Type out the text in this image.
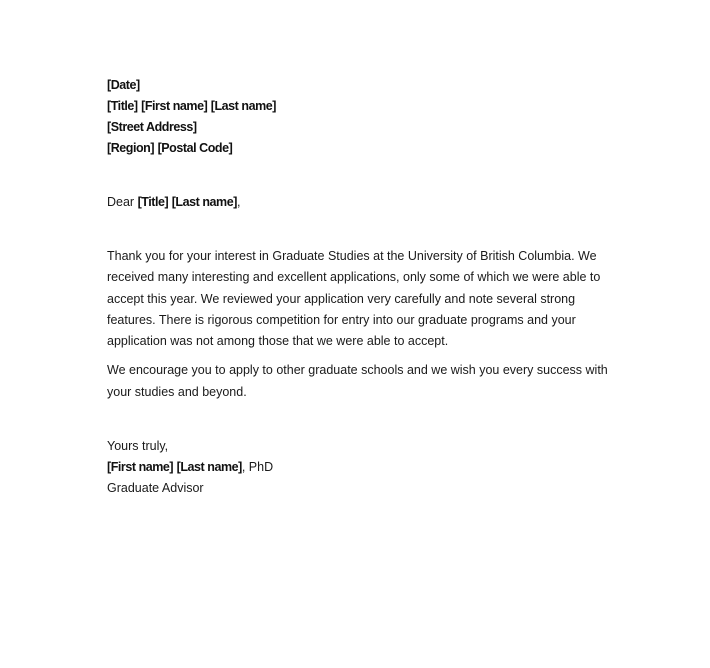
[Date]
[Title] [First name] [Last name]
[Street Address]
[Region] [Postal Code]
Dear [Title] [Last name],

Thank you for your interest in Graduate Studies at the University of British Columbia. We
received many interesting and excellent applications, only some of which we were able to
accept this year. We reviewed your application very carefully and note several strong
features. There is rigorous competition for entry into our graduate programs and your
application was not among those that we were able to accept.

We encourage you to apply to other graduate schools and we wish you every success with
your studies and beyond.

Yours truly,
[First name] [Last name], PhD
Graduate Advisor
